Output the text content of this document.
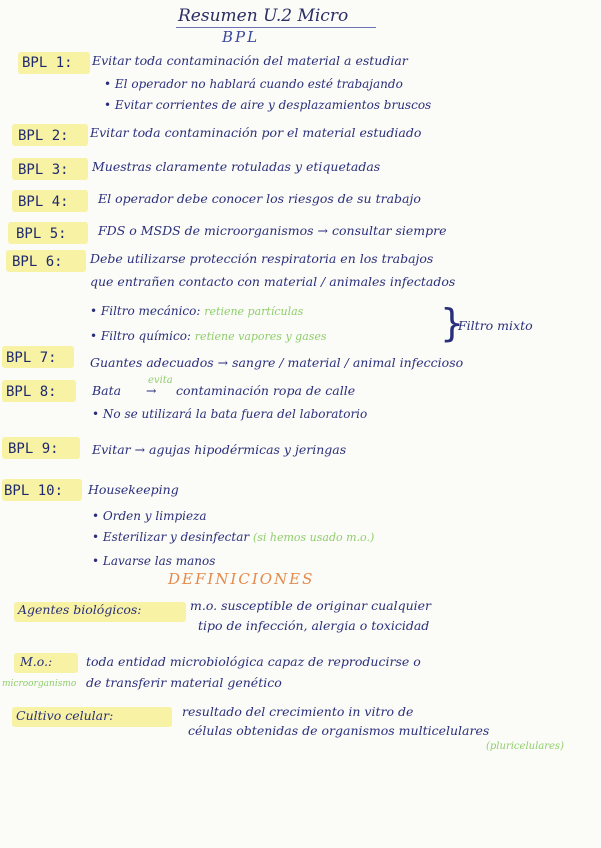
Resumen U.2 Micro
BPL
BPL 1: Evitar toda contaminación del material a estudiar
• El operador no hablará cuando esté trabajando
• Evitar corrientes de aire y desplazamientos bruscos
BPL 2: Evitar toda contaminación por el material estudiado
BPL 3: Muestras claramente rotuladas y etiquetadas
BPL 4: El operador debe conocer los riesgos de su trabajo
BPL 5:	FDS o MSDS de microorganismos → consultar siempre
BPL 6: Debe utilizarse protección respiratoria en los trabajos
que entrañen contacto con material / animales infectados
• Filtro mecánico: retiene partículas
• Filtro químico: retiene vapores y gases	}
Filtro mixto
BPL 7:	Guantes adecuados → sangre / material / animal infeccioso
BPL 8:	Bata
evita
→ contaminación ropa de calle
• No se utilizará la bata fuera del laboratorio
BPL 9:	Evitar → agujas hipodérmicas y jeringas
BPL 10: Housekeeping
• Orden y limpieza
• Esterilizar y desinfectar (si hemos usado m.o.)
• Lavarse las manos
DEFINICIONES
Agentes biológicos:	m.o. susceptible de originar cualquier
tipo de infección, alergia o toxicidad
M.o.:
microorganismo
toda entidad microbiológica capaz de reproducirse o
de transferir material genético
Cultivo celular:	resultado del crecimiento in vitro de
células obtenidas de organismos multicelulares
(pluricelulares)
